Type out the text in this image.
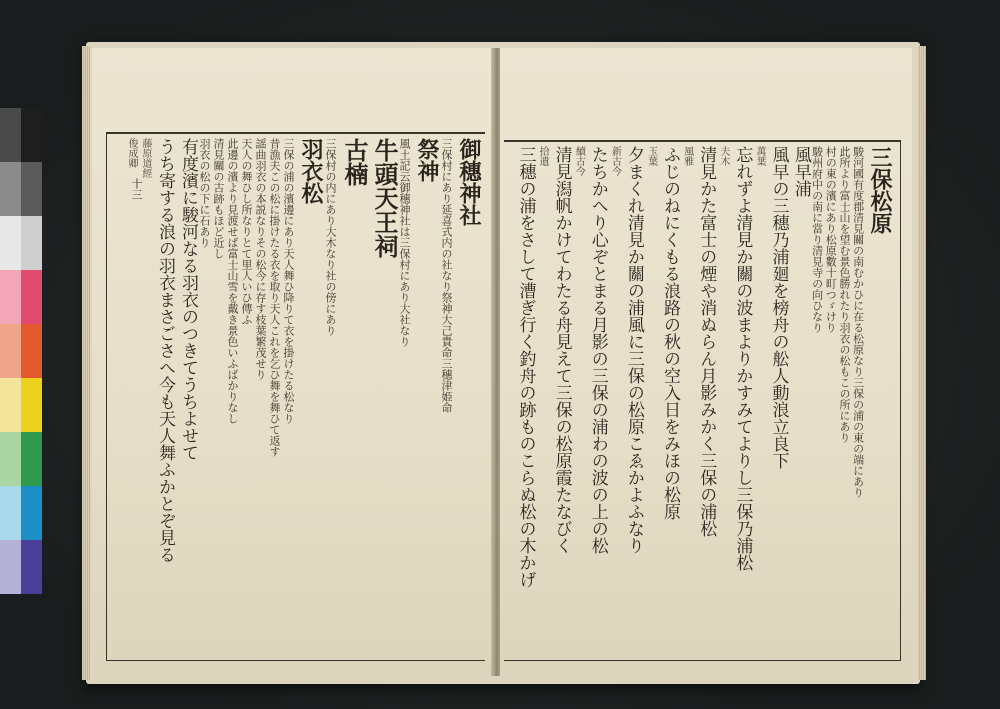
御穗神社
三保村にあり延喜式内の社なり祭神大己貴命三穗津姫命
祭神
風土記云御穗神社は三保村にあり大社なり
牛頭天王祠
古楠
三保村の内にあり大木なり社の傍にあり
羽衣松
三保の浦の濱邊にあり天人舞ひ降りて衣を掛けたる松なり
昔漁夫この松に掛けたる衣を取り天人これを乞ひ舞を舞ひて返す
謡曲羽衣の本説なりその松今に存す枝葉繁茂せり
天人の舞ひし所なりとて里人いひ傳ふ
此邊の濱より見渡せば富士山雪を戴き景色いふばかりなし
清見關の古跡もほど近し
羽衣の松の下に石あり
有度濱に駿河なる羽衣のつきてうちよせて
うち寄する浪の羽衣まさごさへ今も天人舞ふかとぞ見る
藤原道經
俊成卿
十三	三保松原
駿河國有度郡清見關の南むかひに在る松原なり三保の浦の東の端にあり
此所より富士山を望む景色勝れたり羽衣の松もこの所にあり
村の東の濱にあり松原數十町つゞけり
駿州府中の南に當り清見寺の向ひなり
風早浦
風早の三穗乃浦廻を榜舟の舩人動浪立良下
萬葉
忘れずよ清見か關の波まよりかすみてよりし三保乃浦松
夫木
清見かた富士の煙や消ぬらん月影みかく三保の浦松
風雅
ふじのねにくもる浪路の秋の空入日をみほの松原
玉葉
夕まくれ清見か關の浦風に三保の松原こゑかよふなり
新古今
たちかへり心ぞとまる月影の三保の浦わの波の上の松
續古今
清見潟帆かけてわたる舟見えて三保の松原霞たなびく
拾遺
三穗の浦をさして漕ぎ行く釣舟の跡ものこらぬ松の木かげ
